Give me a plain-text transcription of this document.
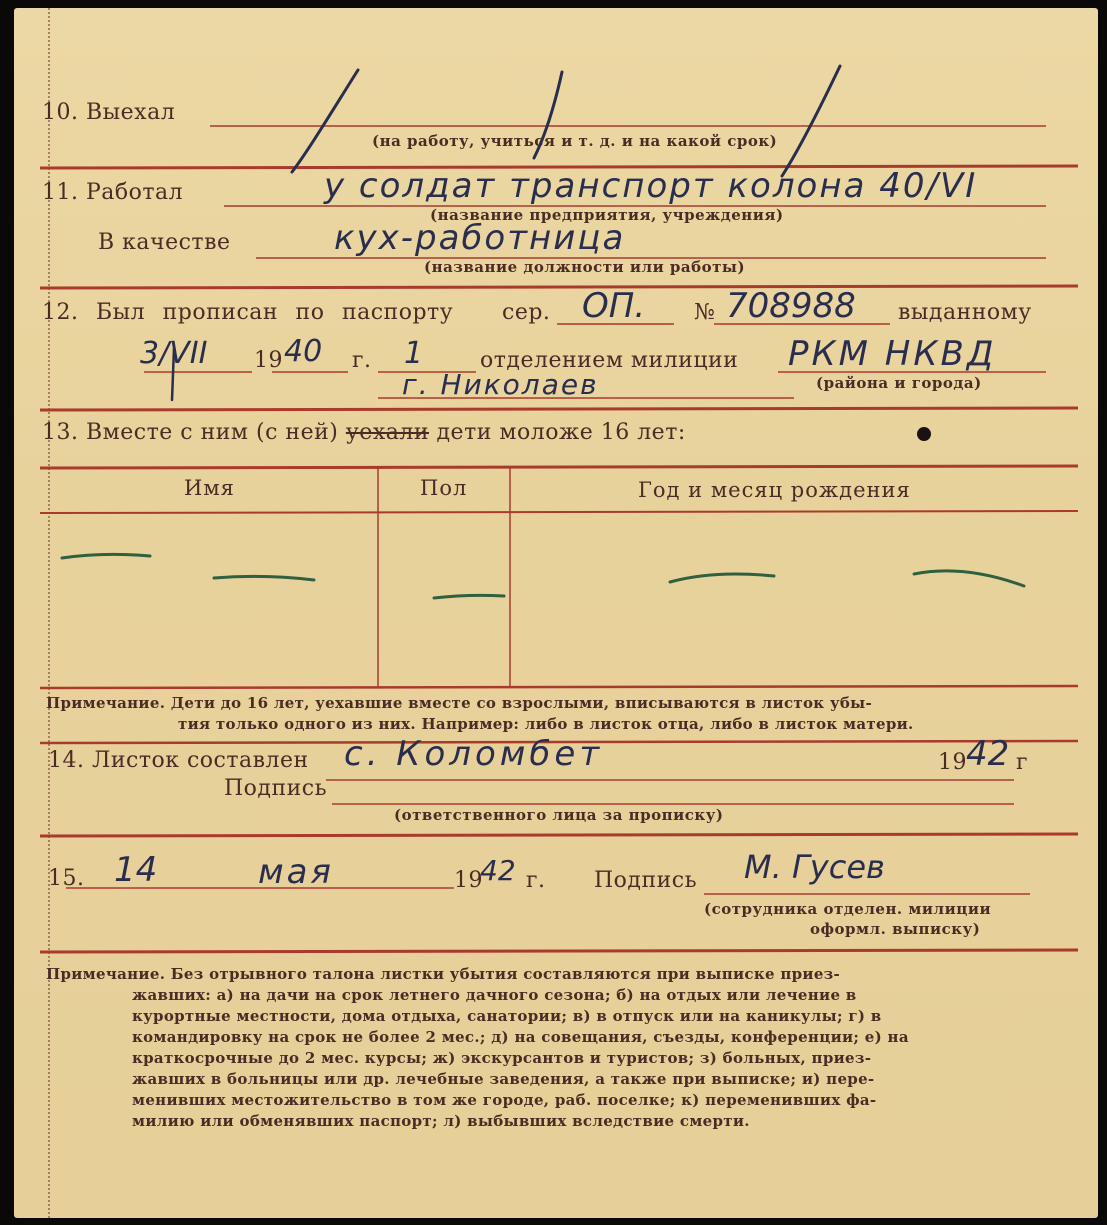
10. Выехал
(на работу, учиться и т. д. и на какой срок)
11. Работал	у солдат транспорт колона 40/VI
(название предприятия, учреждения)
В качестве	кух-работница
(название должности или работы)
12. Был прописан по паспорту сер. ОП. № 708988 выданному
3/VII 19 40 г. 1	отделением милиции РКМ НКВД
г. Николаев	(района и города)
13. Вместе с ним (с ней) уехали дети моложе 16 лет:
Имя	Пол	Год и месяц рождения
Примечание. Дети до 16 лет, уехавшие вместе со взрослыми, вписываются в листок убы-
тия только одного из них. Например: либо в листок отца, либо в листок матери.
14. Листок составлен с. Коломбет	19 42 г
Подпись
(ответственного лица за прописку)
15. 14	мая	19
42 г. Подпись М. Гусев
(сотрудника отделен. милиции
оформл. выписку)
Примечание. Без отрывного талона листки убытия составляются при выписке приез-
жавших: а) на дачи на срок летнего дачного сезона; б) на отдых или лечение в
курортные местности, дома отдыха, санатории; в) в отпуск или на каникулы; г) в
командировку на срок не более 2 мес.; д) на совещания, съезды, конференции; е) на
краткосрочные до 2 мес. курсы; ж) экскурсантов и туристов; з) больных, приез-
жавших в больницы или др. лечебные заведения, а также при выписке; и) пере-
менивших местожительство в том же городе, раб. поселке; к) переменивших фа-
милию или обменявших паспорт; л) выбывших вследствие смерти.
